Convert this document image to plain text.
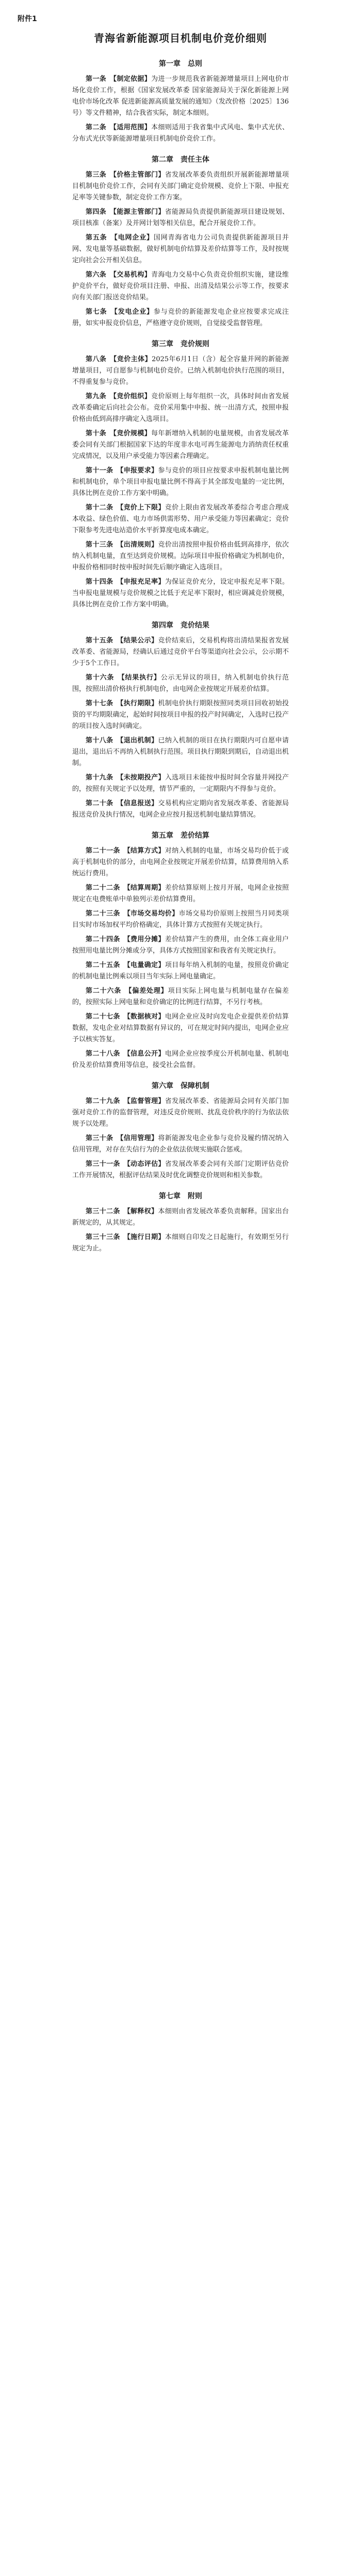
附件1
青海省新能源项目机制电价竞价细则
第一章　总则

第一条　 【制定依据】为进一步规范我省新能源增量项目上网电价市场化竞价工作，根据《国家发展改革委 国家能源局关于深化新能源上网电价市场化改革 促进新能源高质量发展的通知》（发改价格〔2025〕136号）等文件精神，结合我省实际，制定本细则。

第二条　 【适用范围】本细则适用于我省集中式风电、集中式光伏、分布式光伏等新能源增量项目机制电价竞价工作。

第二章　责任主体

第三条　 【价格主管部门】省发展改革委负责组织开展新能源增量项目机制电价竞价工作，会同有关部门确定竞价规模、竞价上下限、申报充足率等关键参数，制定竞价工作方案。

第四条　 【能源主管部门】省能源局负责提供新能源项目建设规划、项目核准（备案）及并网计划等相关信息，配合开展竞价工作。

第五条　 【电网企业】国网青海省电力公司负责提供新能源项目并网、发电量等基础数据，做好机制电价结算及差价结算等工作，及时按规定向社会公开相关信息。

第六条　 【交易机构】青海电力交易中心负责竞价组织实施，建设维护竞价平台，做好竞价项目注册、申报、出清及结果公示等工作，按要求向有关部门报送竞价结果。

第七条　 【发电企业】参与竞价的新能源发电企业应按要求完成注册，如实申报竞价信息，严格遵守竞价规则，自觉接受监督管理。

第三章　竞价规则

第八条　 【竞价主体】2025年6月1日（含）起全容量并网的新能源增量项目，可自愿参与机制电价竞价。已纳入机制电价执行范围的项目，不得重复参与竞价。

第九条　 【竞价组织】竞价原则上每年组织一次，具体时间由省发展改革委确定后向社会公布。竞价采用集中申报、统一出清方式，按照申报价格由低到高排序确定入选项目。

第十条　 【竞价规模】每年新增纳入机制的电量规模，由省发展改革委会同有关部门根据国家下达的年度非水电可再生能源电力消纳责任权重完成情况，以及用户承受能力等因素合理确定。

第十一条　 【申报要求】参与竞价的项目应按要求申报机制电量比例和机制电价，单个项目申报电量比例不得高于其全部发电量的一定比例，具体比例在竞价工作方案中明确。

第十二条　 【竞价上下限】竞价上限由省发展改革委综合考虑合理成本收益、绿色价值、电力市场供需形势、用户承受能力等因素确定；竞价下限参考先进电站造价水平折算度电成本确定。

第十三条　 【出清规则】竞价出清按照申报价格由低到高排序，依次纳入机制电量，直至达到竞价规模。边际项目申报价格确定为机制电价，申报价格相同时按申报时间先后顺序确定入选项目。

第十四条　 【申报充足率】为保证竞价充分，设定申报充足率下限。当申报电量规模与竞价规模之比低于充足率下限时，相应调减竞价规模，具体比例在竞价工作方案中明确。

第四章　竞价结果

第十五条　 【结果公示】竞价结束后，交易机构将出清结果报省发展改革委、省能源局，经确认后通过竞价平台等渠道向社会公示，公示期不少于5个工作日。

第十六条　 【结果执行】公示无异议的项目，纳入机制电价执行范围，按照出清价格执行机制电价，由电网企业按规定开展差价结算。

第十七条　 【执行期限】机制电价执行期限按照同类项目回收初始投资的平均期限确定，起始时间按项目申报的投产时间确定，入选时已投产的项目按入选时间确定。

第十八条　 【退出机制】已纳入机制的项目在执行期限内可自愿申请退出，退出后不再纳入机制执行范围。项目执行期限到期后，自动退出机制。

第十九条　 【未按期投产】入选项目未能按申报时间全容量并网投产的，按照有关规定予以处理，情节严重的，一定期限内不得参与竞价。

第二十条　 【信息报送】交易机构应定期向省发展改革委、省能源局报送竞价及执行情况，电网企业应按月报送机制电量结算情况。

第五章　差价结算

第二十一条　 【结算方式】对纳入机制的电量，市场交易均价低于或高于机制电价的部分，由电网企业按规定开展差价结算，结算费用纳入系统运行费用。

第二十二条　 【结算周期】差价结算原则上按月开展，电网企业按照规定在电费账单中单独列示差价结算费用。

第二十三条　 【市场交易均价】市场交易均价原则上按照当月同类项目实时市场加权平均价格确定，具体计算方式按照有关规定执行。

第二十四条　 【费用分摊】差价结算产生的费用，由全体工商业用户按照用电量比例分摊或分享，具体方式按照国家和我省有关规定执行。

第二十五条　 【电量确定】项目每年纳入机制的电量，按照竞价确定的机制电量比例乘以项目当年实际上网电量确定。

第二十六条　 【偏差处理】项目实际上网电量与机制电量存在偏差的，按照实际上网电量和竞价确定的比例进行结算，不另行考核。

第二十七条　 【数据核对】电网企业应及时向发电企业提供差价结算数据，发电企业对结算数据有异议的，可在规定时间内提出，电网企业应予以核实答复。

第二十八条　 【信息公开】电网企业应按季度公开机制电量、机制电价及差价结算费用等信息，接受社会监督。

第六章　保障机制

第二十九条　 【监督管理】省发展改革委、省能源局会同有关部门加强对竞价工作的监督管理，对违反竞价规则、扰乱竞价秩序的行为依法依规予以处理。

第三十条　 【信用管理】将新能源发电企业参与竞价及履约情况纳入信用管理，对存在失信行为的企业依法依规实施联合惩戒。

第三十一条　 【动态评估】省发展改革委会同有关部门定期评估竞价工作开展情况，根据评估结果及时优化调整竞价规则和相关参数。

第七章　附则

第三十二条　 【解释权】本细则由省发展改革委负责解释。国家出台新规定的，从其规定。

第三十三条　 【施行日期】本细则自印发之日起施行，有效期至另行规定为止。
